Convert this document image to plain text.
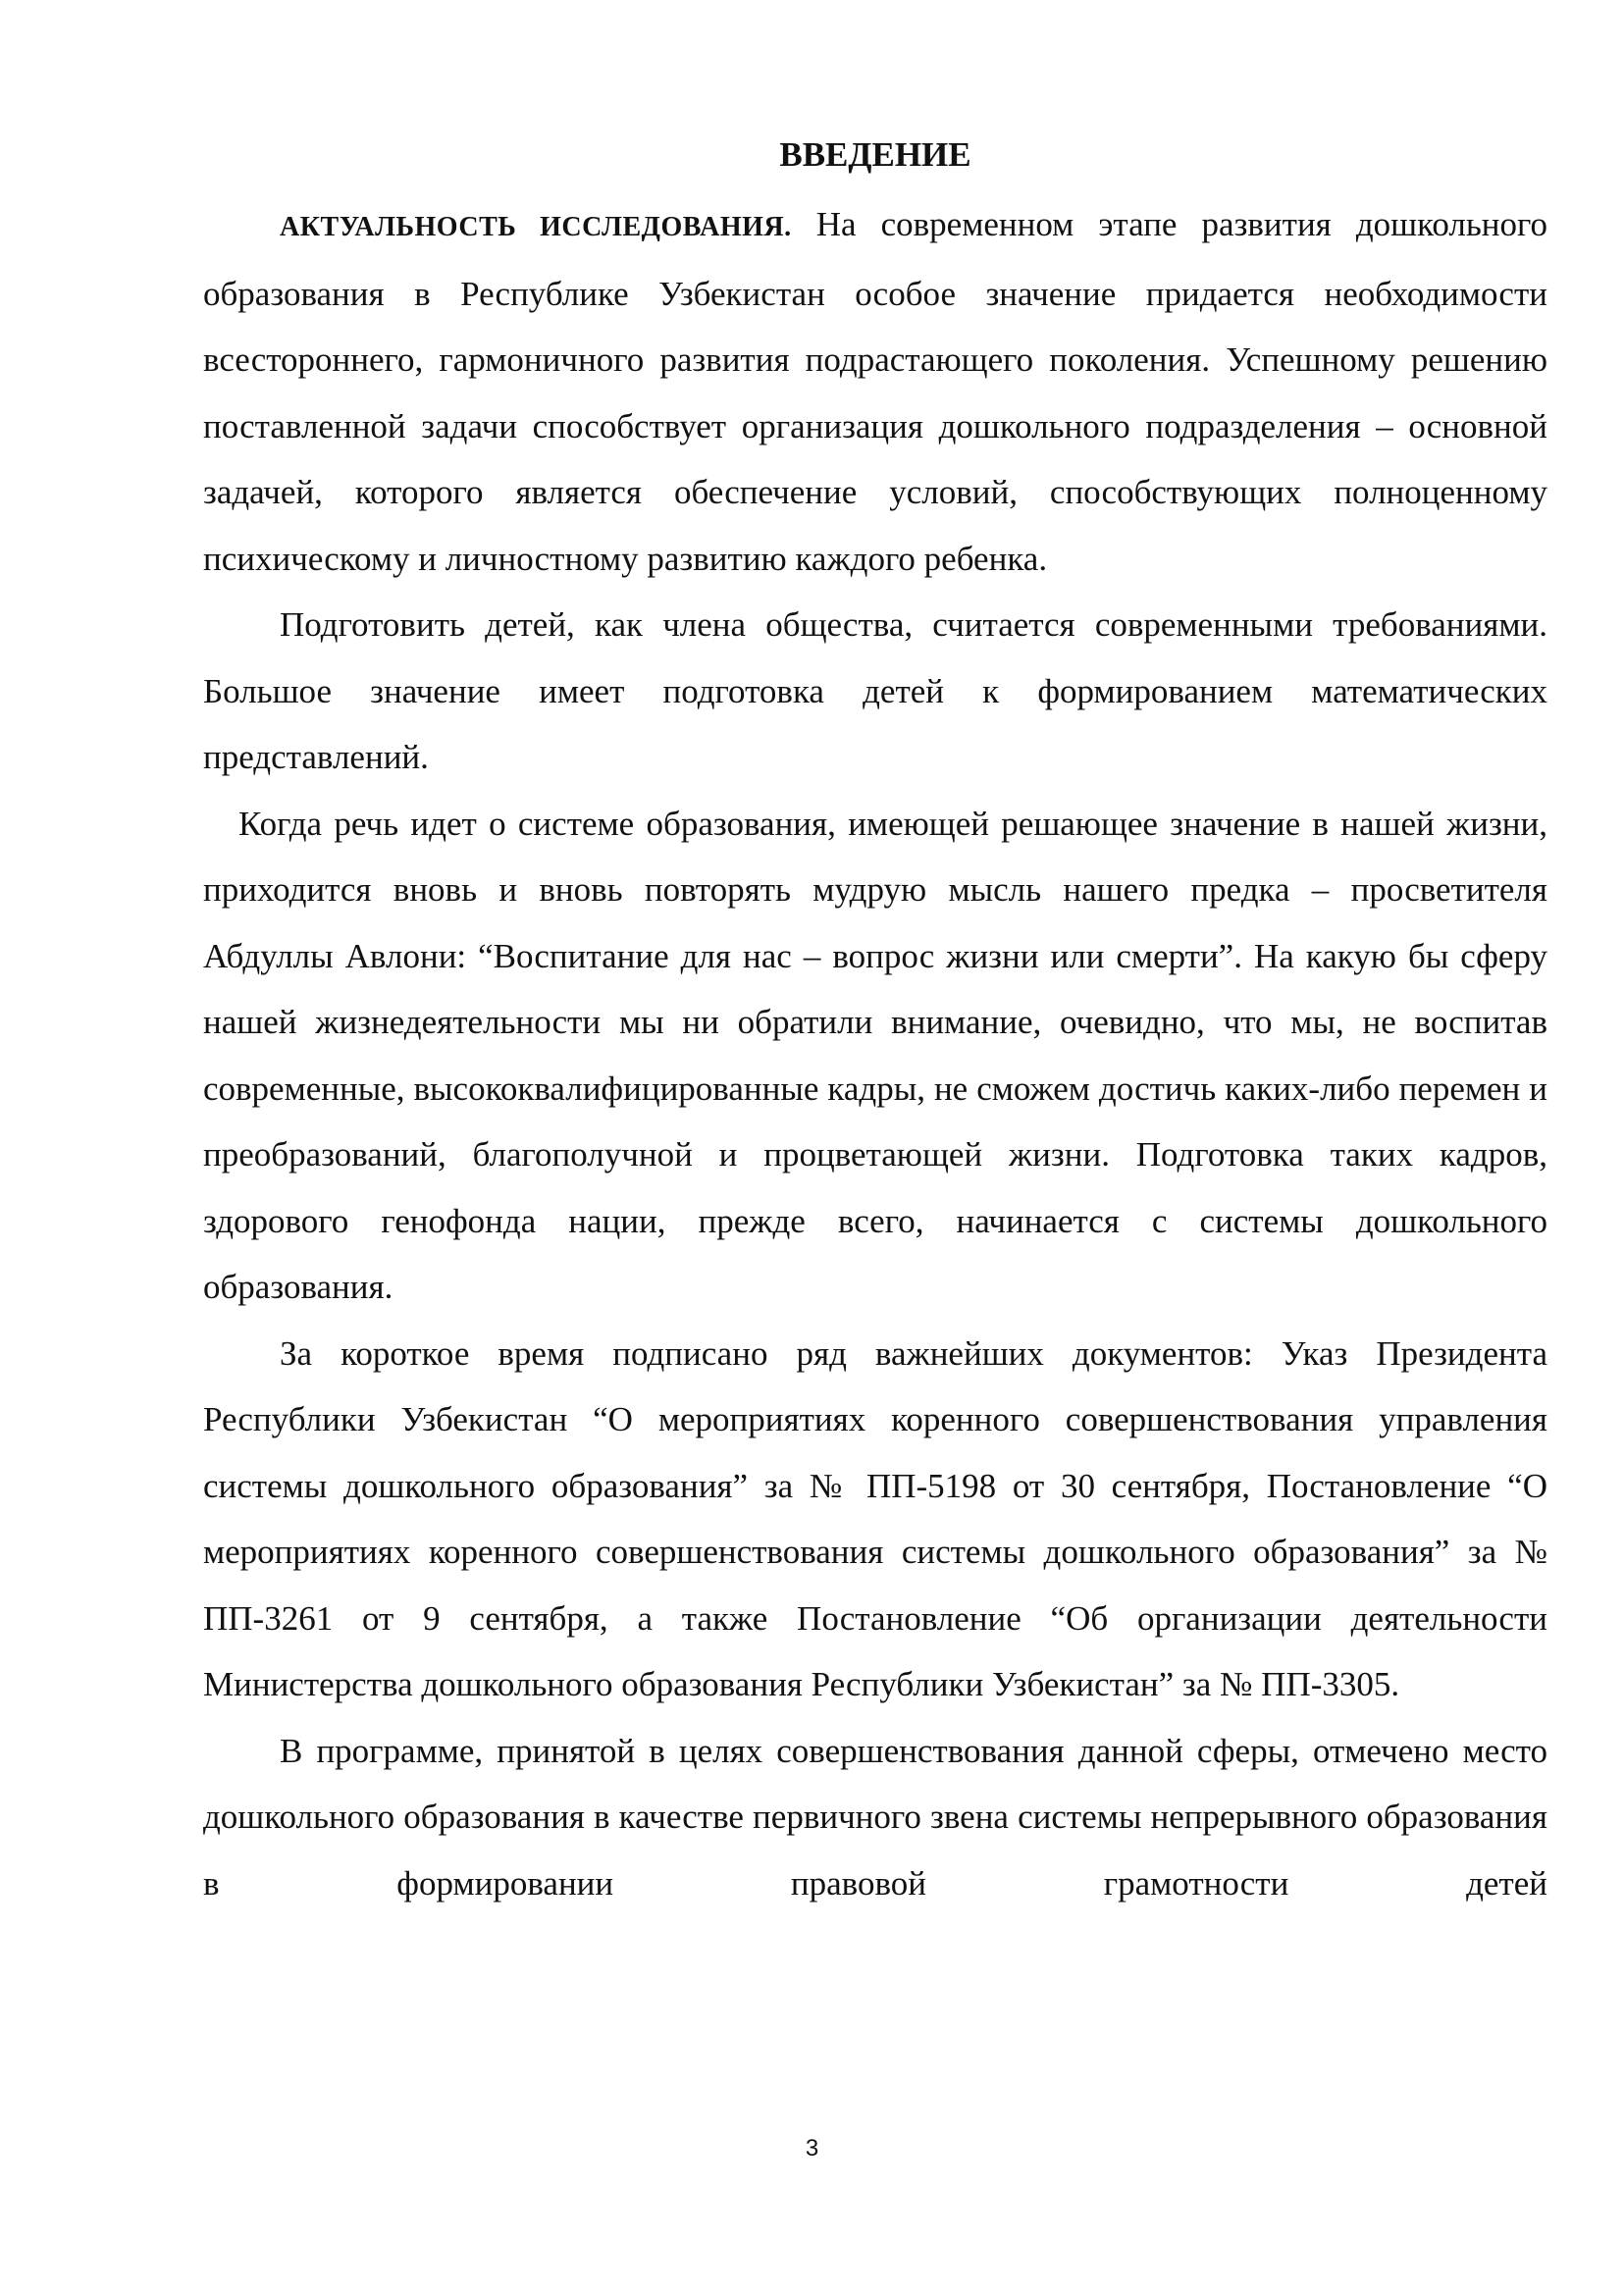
ВВЕДЕНИЕ

АКТУАЛЬНОСТЬ ИССЛЕДОВАНИЯ. На современном этапе развития дошкольного образования в Республике Узбекистан особое значение придается необходимости всестороннего, гармоничного развития подрастающего поколения. Успешному решению поставленной задачи способствует организация дошкольного подразделения – основной задачей, которого является обеспечение условий, способствующих полноценному психическому и личностному развитию каждого ребенка.

Подготовить детей, как члена общества, считается современными требованиями. Большое значение имеет подготовка детей к формированием математических представлений.

Когда речь идет о системе образования, имеющей решающее значение в нашей жизни, приходится вновь и вновь повторять мудрую мысль нашего предка – просветителя Абдуллы Авлони: “Воспитание для нас – вопрос жизни или смерти”. На какую бы сферу нашей жизнедеятельности мы ни обратили внимание, очевидно, что мы, не воспитав современные, высококвалифицированные кадры, не сможем достичь каких-либо перемен и преобразований, благополучной и процветающей жизни. Подготовка таких кадров, здорового генофонда нации, прежде всего, начинается с системы дошкольного образования.

За короткое время подписано ряд важнейших документов: Указ Президента Республики Узбекистан “О мероприятиях коренного совершенствования управления системы дошкольного образования” за № ПП-5198 от 30 сентября, Постановление “О мероприятиях коренного совершенствования системы дошкольного образования” за № ПП-3261 от 9 сентября, а также Постановление “Об организации деятельности Министерства дошкольного образования Республики Узбекистан” за № ПП-3305.

В программе, принятой в целях совершенствования данной сферы, отмечено место дошкольного образования в качестве первичного звена системы непрерывного образования в формировании правовой грамотности детей

3
